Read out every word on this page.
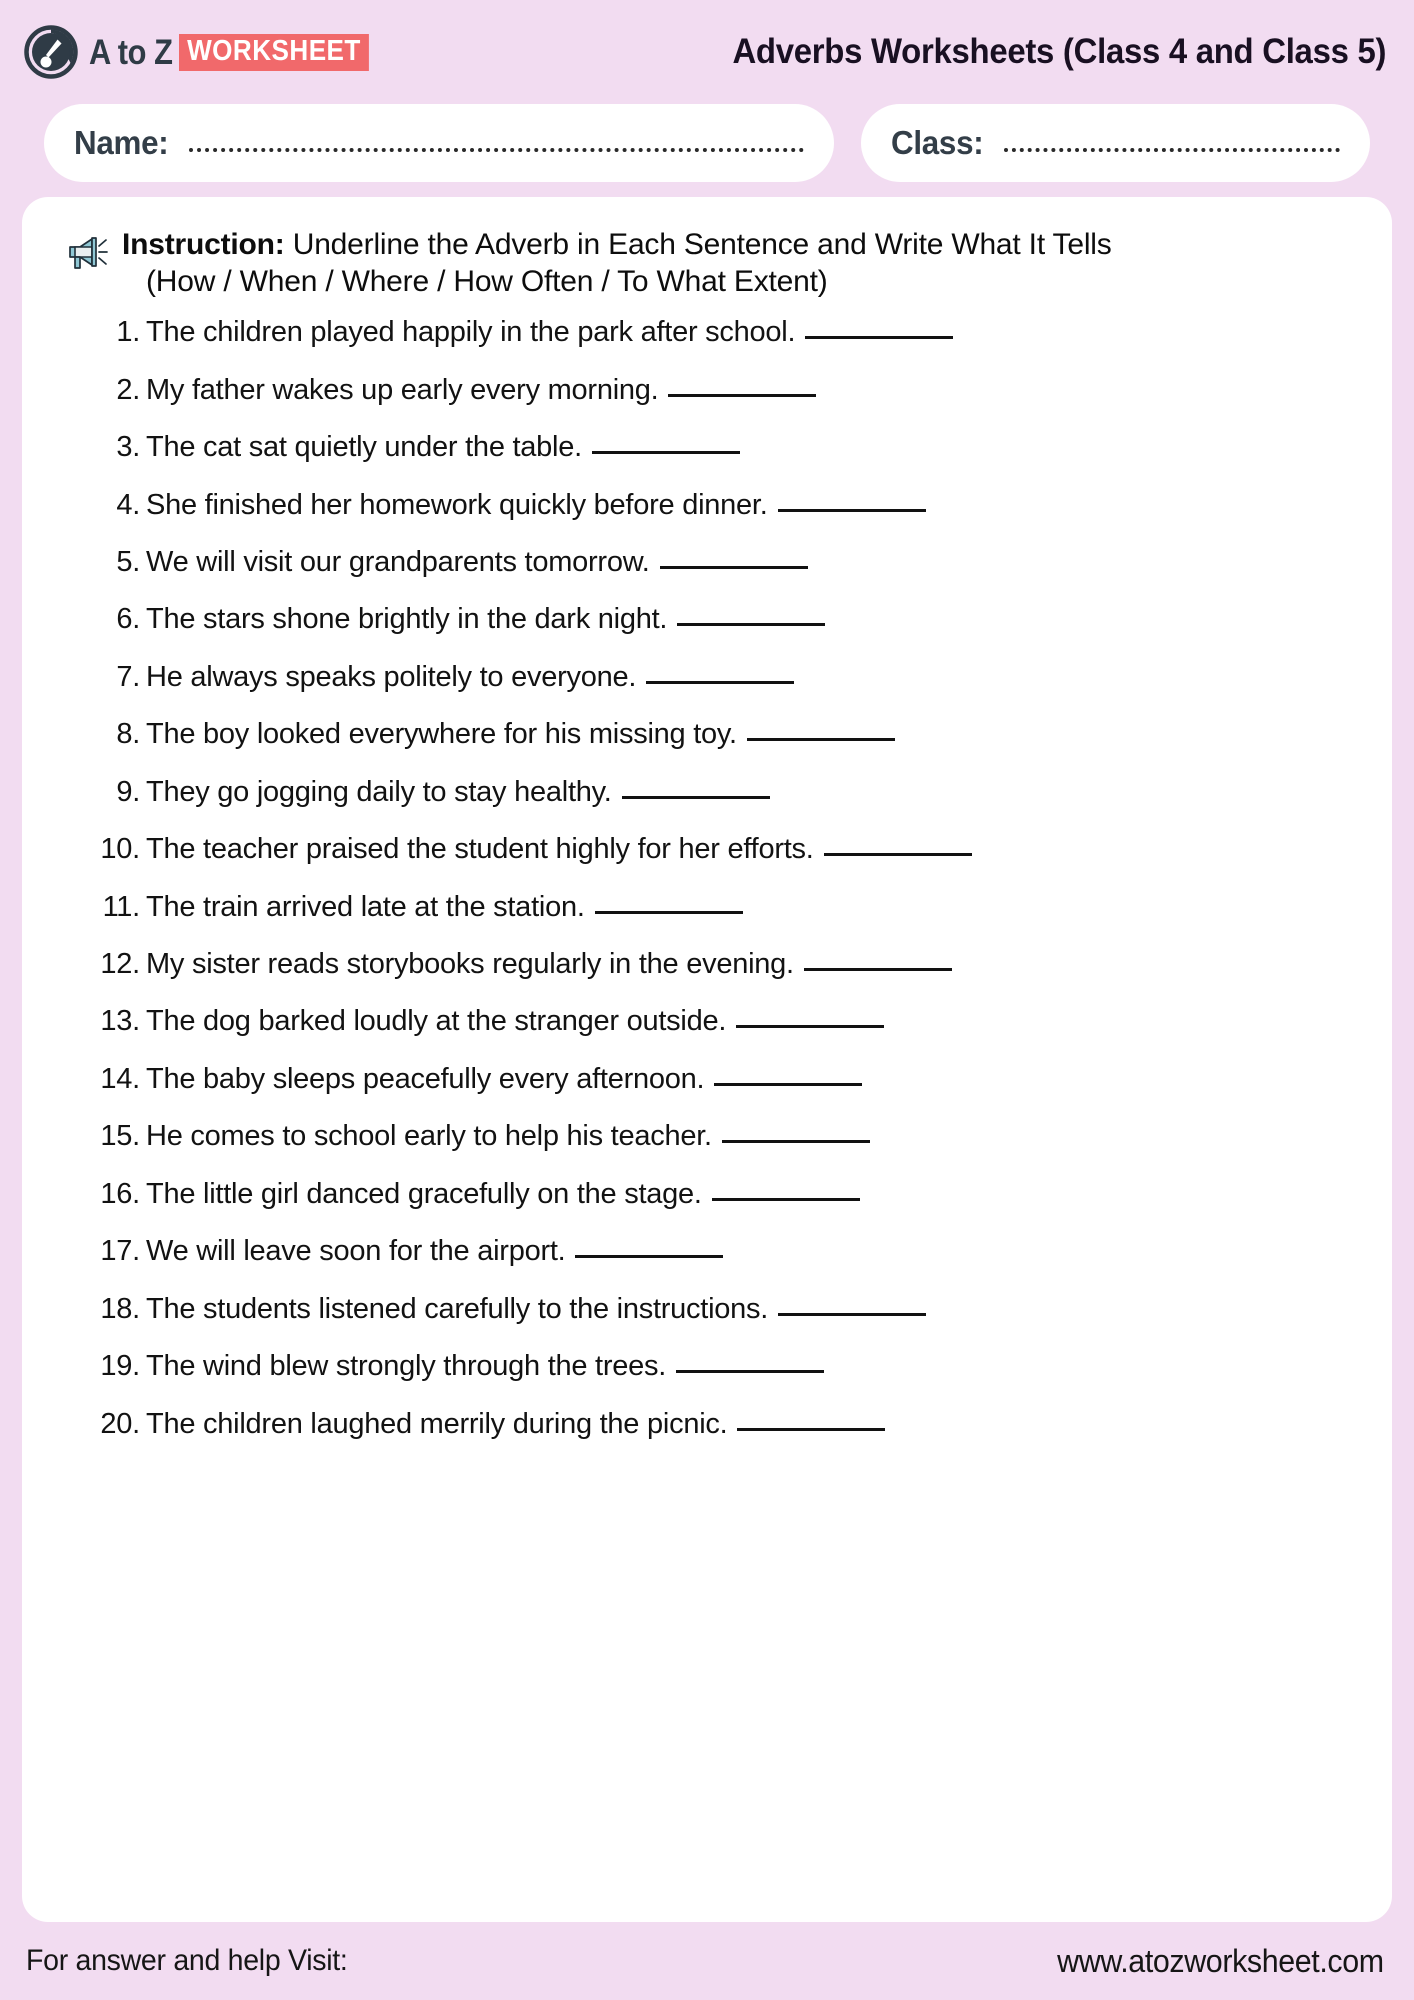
A to Z WORKSHEET	Adverbs Worksheets (Class 4 and Class 5)
Name:	Class:
Instruction: Underline the Adverb in Each Sentence and Write What It Tells
(How / When / Where / How Often / To What Extent)
1. The children played happily in the park after school.
2. My father wakes up early every morning.
3. The cat sat quietly under the table.
4. She finished her homework quickly before dinner.
5. We will visit our grandparents tomorrow.
6. The stars shone brightly in the dark night.
7. He always speaks politely to everyone.
8. The boy looked everywhere for his missing toy.
9. They go jogging daily to stay healthy.
10. The teacher praised the student highly for her efforts.
11. The train arrived late at the station.
12. My sister reads storybooks regularly in the evening.
13. The dog barked loudly at the stranger outside.
14. The baby sleeps peacefully every afternoon.
15. He comes to school early to help his teacher.
16. The little girl danced gracefully on the stage.
17. We will leave soon for the airport.
18. The students listened carefully to the instructions.
19. The wind blew strongly through the trees.
20. The children laughed merrily during the picnic.
For answer and help Visit:	www.atozworksheet.com
